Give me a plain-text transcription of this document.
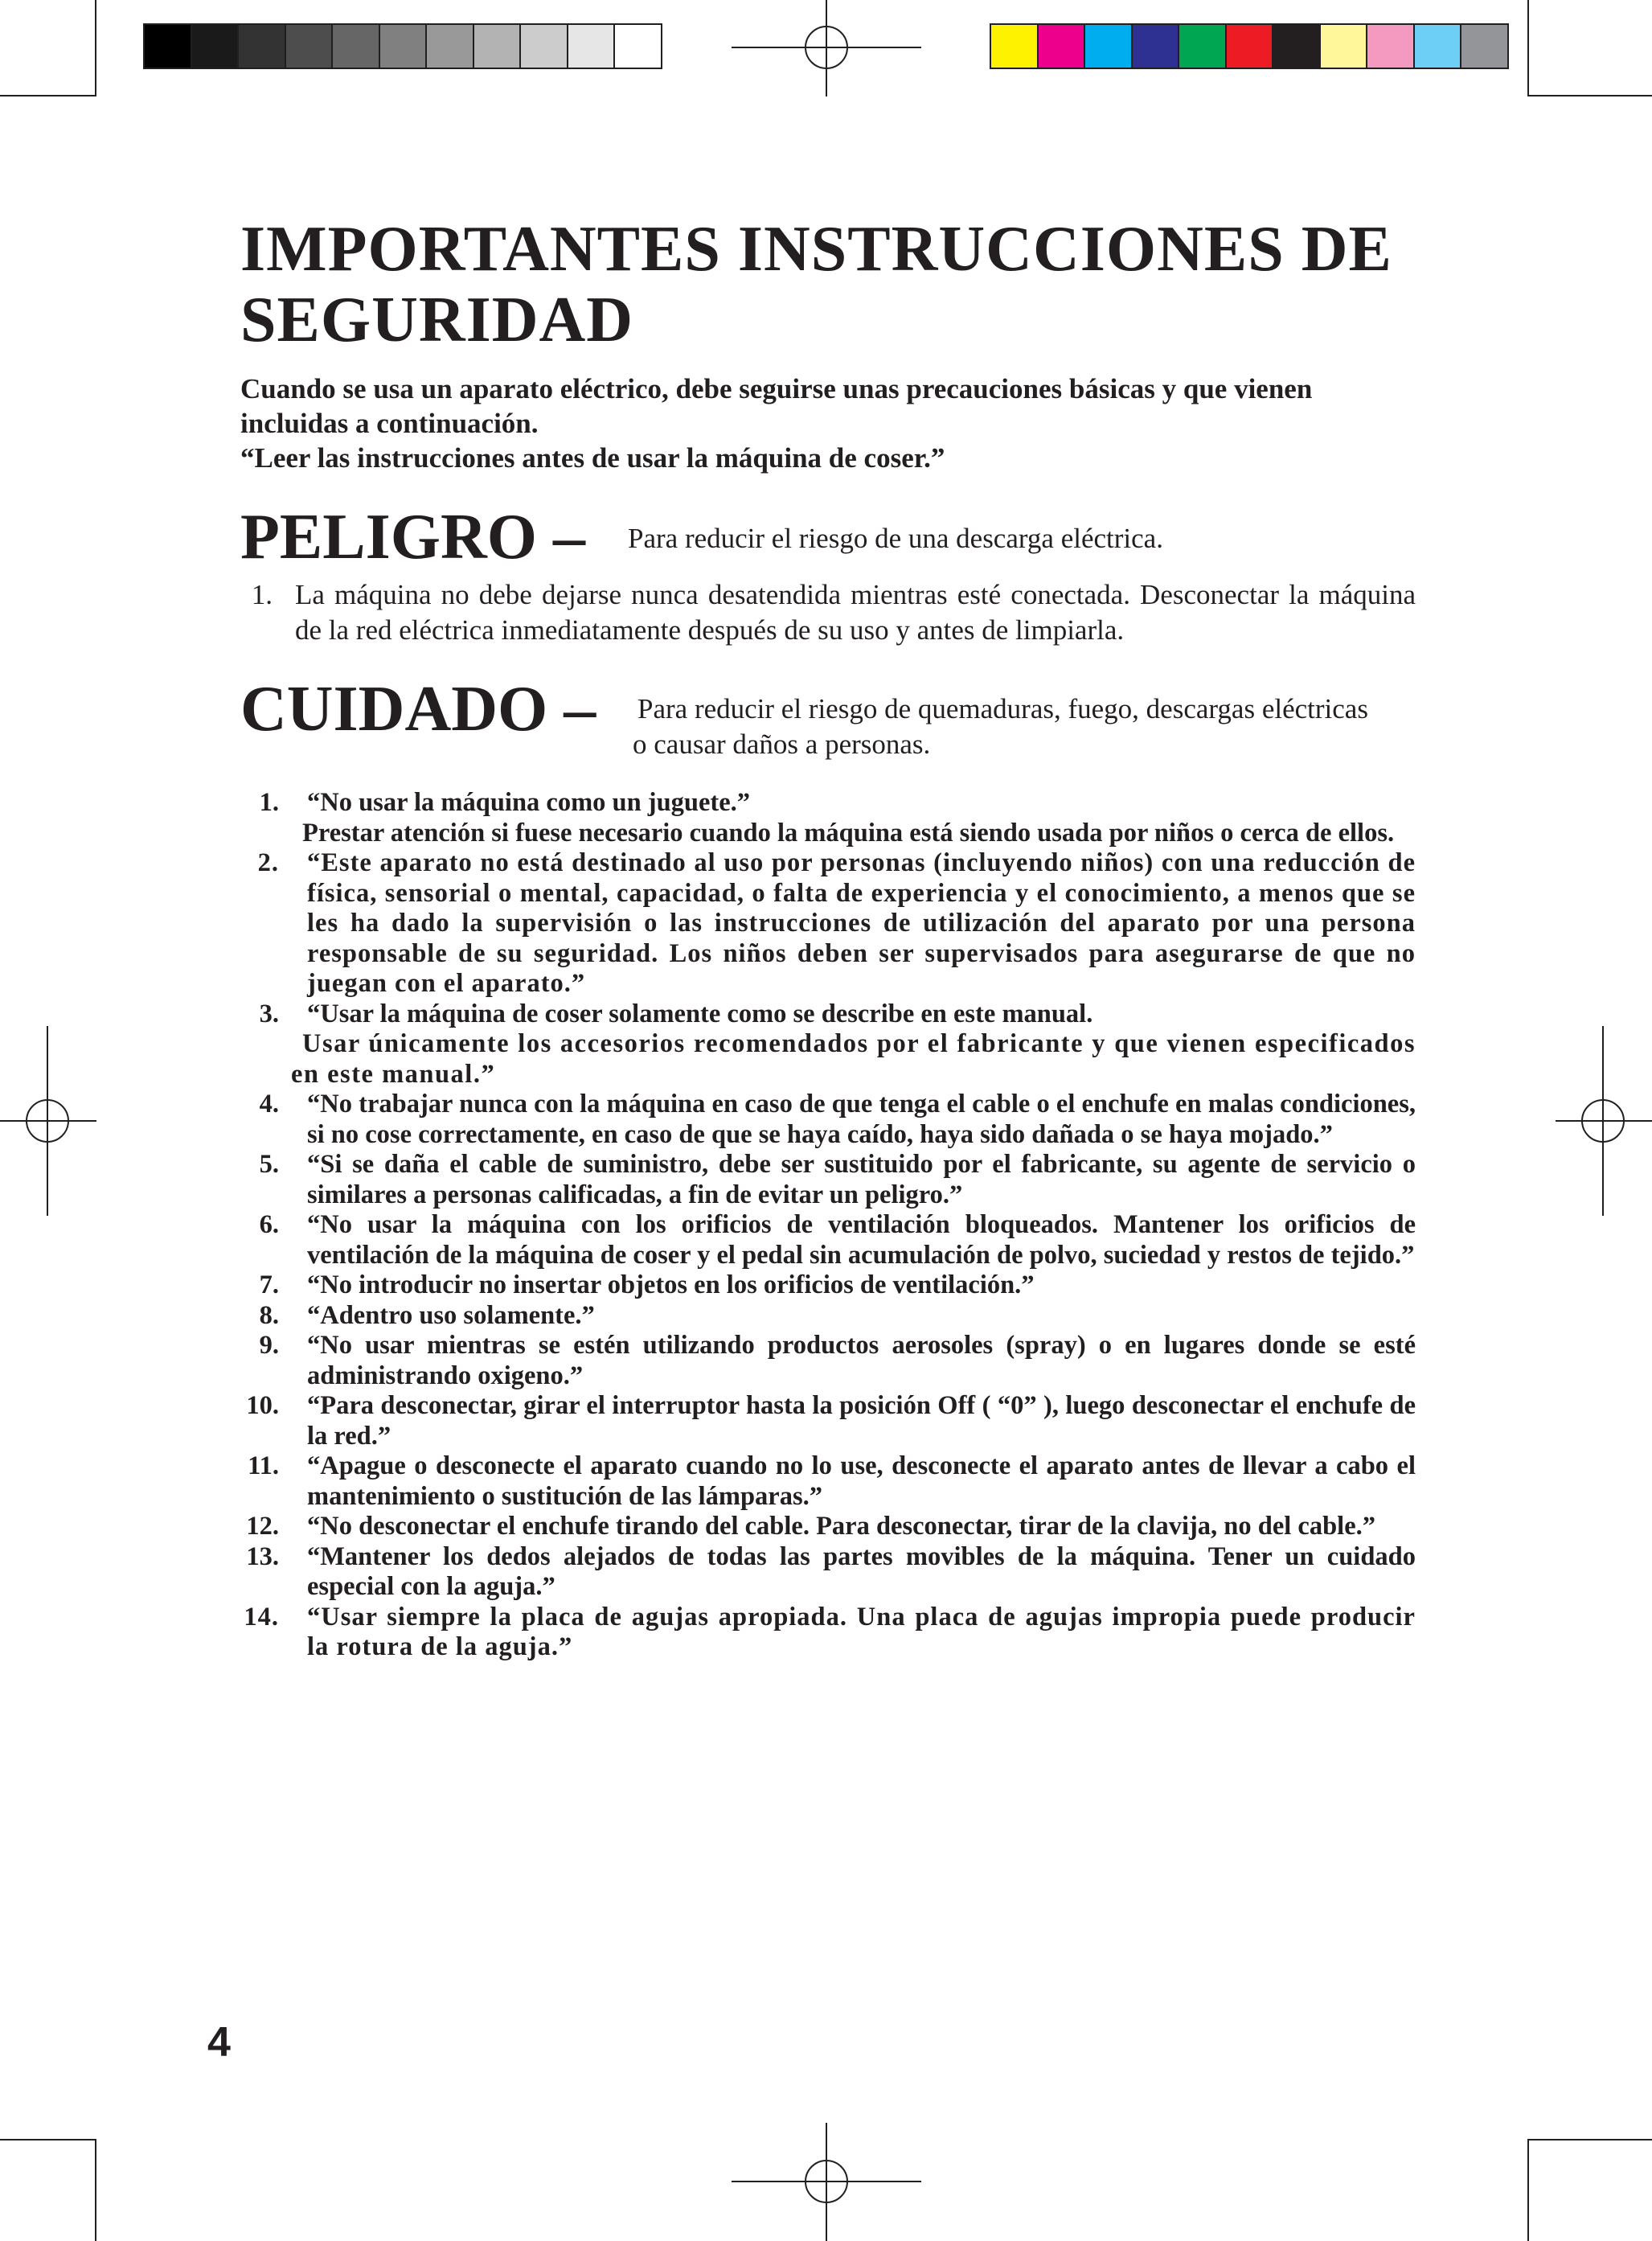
IMPORTANTES INSTRUCCIONES DE SEGURIDAD

Cuando se usa un aparato eléctrico, debe seguirse unas precauciones básicas y que vienen incluidas a continuación.
“Leer las instrucciones antes de usar la máquina de coser.”

PELIGRO – Para reducir el riesgo de una descarga eléctrica.
1. La máquina no debe dejarse nunca desatendida mientras esté conectada. Desconectar la máquina de la red eléctrica inmediatamente después de su uso y antes de limpiarla.
CUIDADO – Para reducir el riesgo de quemaduras, fuego, descargas eléctricas
o causar daños a personas.
1. “No usar la máquina como un juguete.”
Prestar atención si fuese necesario cuando la máquina está siendo usada por niños o cerca de ellos.
2. “Este aparato no está destinado al uso por personas (incluyendo niños) con una reducción de física, sensorial o mental, capacidad, o falta de experiencia y el conocimiento, a menos que se les ha dado la supervisión o las instrucciones de utilización del aparato por una persona responsable de su seguridad. Los niños deben ser supervisados para asegurarse de que no juegan con el aparato.”
3. “Usar la máquina de coser solamente como se describe en este manual.
Usar únicamente los accesorios recomendados por el fabricante y que vienen especificados en este manual.”
4. “No trabajar nunca con la máquina en caso de que tenga el cable o el enchufe en malas condiciones, si no cose correctamente, en caso de que se haya caído, haya sido dañada o se haya mojado.”
5. “Si se daña el cable de suministro, debe ser sustituido por el fabricante, su agente de servicio o similares a personas calificadas, a fin de evitar un peligro.”
6. “No usar la máquina con los orificios de ventilación bloqueados. Mantener los orificios de ventilación de la máquina de coser y el pedal sin acumulación de polvo, suciedad y restos de tejido.”
7. “No introducir no insertar objetos en los orificios de ventilación.”
8. “Adentro uso solamente.”
9. “No usar mientras se estén utilizando productos aerosoles (spray) o en lugares donde se esté administrando oxigeno.”
10. “Para desconectar, girar el interruptor hasta la posición Off ( “0” ), luego desconectar el enchufe de la red.”
11. “Apague o desconecte el aparato cuando no lo use, desconecte el aparato antes de llevar a cabo el mantenimiento o sustitución de las lámparas.”
12. “No desconectar el enchufe tirando del cable. Para desconectar, tirar de la clavija, no del cable.”
13. “Mantener los dedos alejados de todas las partes movibles de la máquina. Tener un cuidado especial con la aguja.”
14. “Usar siempre la placa de agujas apropiada. Una placa de agujas impropia puede producir la rotura de la aguja.”
4
